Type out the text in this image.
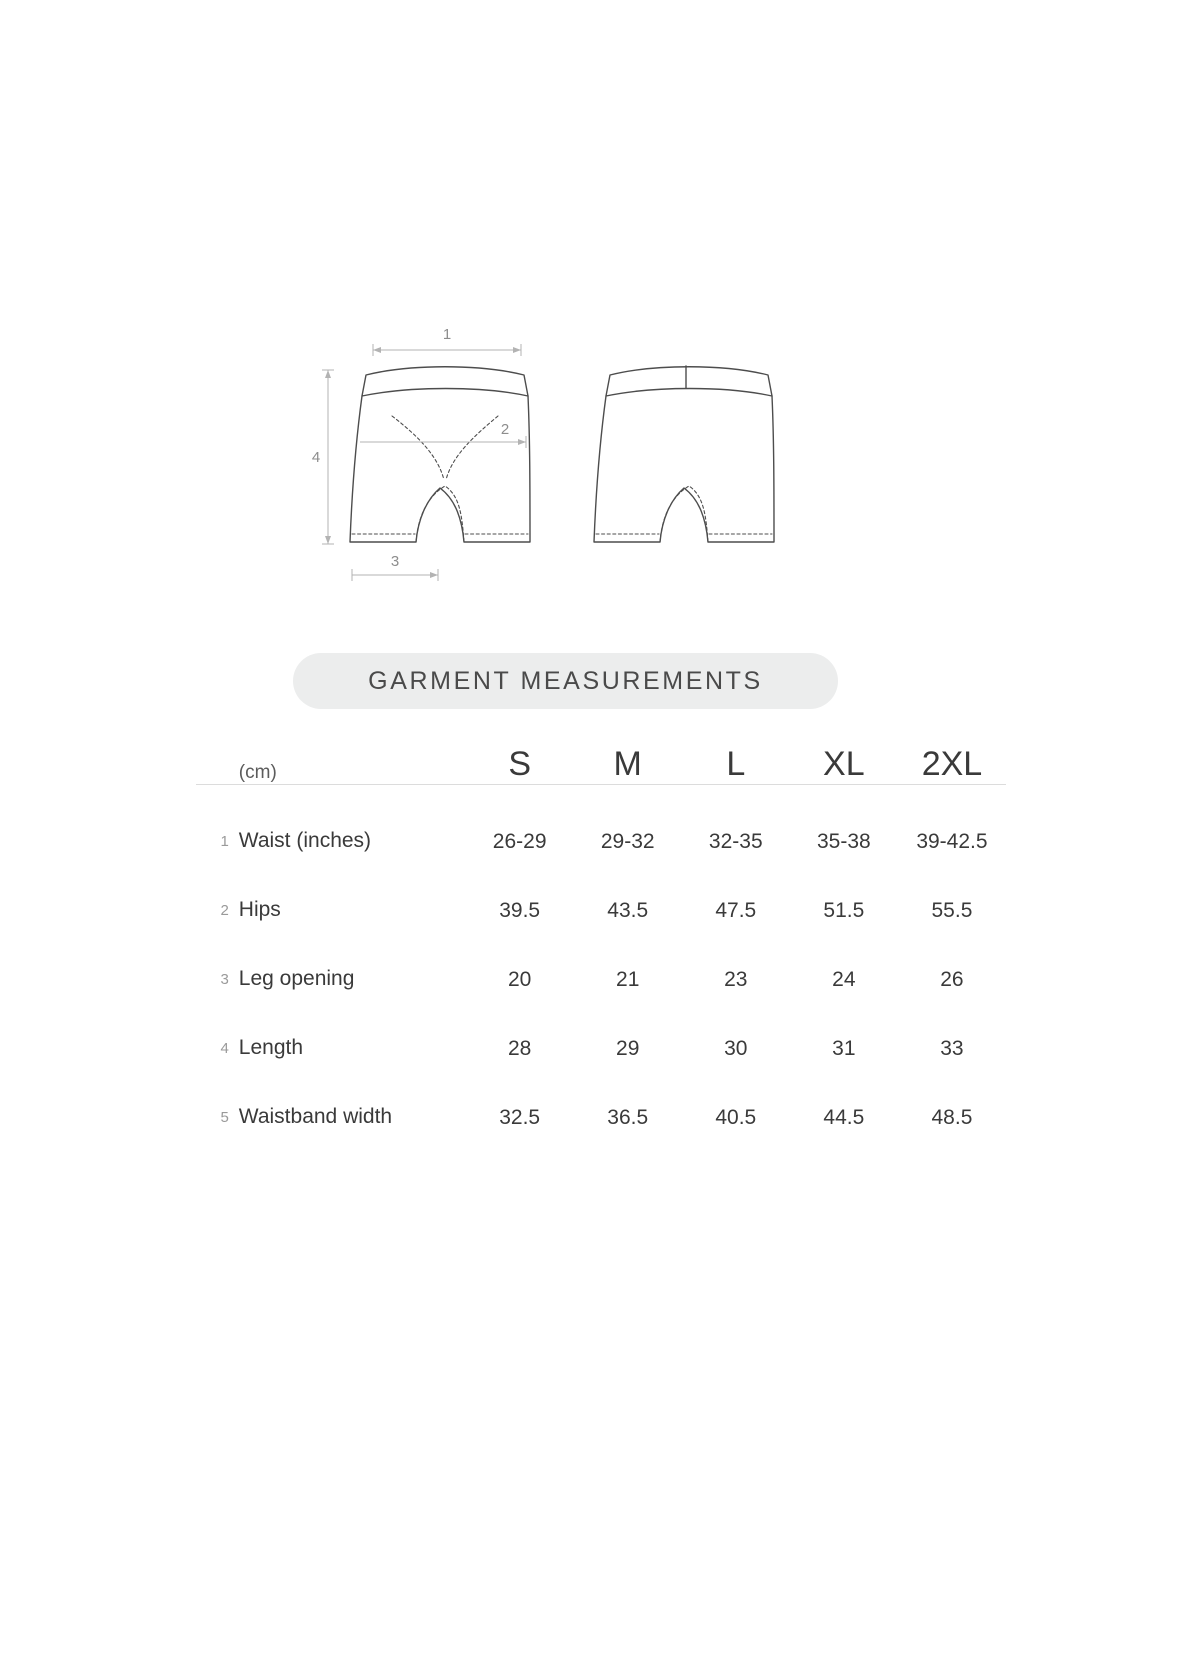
1
2
3
4
GARMENT MEASUREMENTS
	(cm)	S	M	L	XL	2XL
1	Waist (inches)	26-29	29-32	32-35	35-38	39-42.5
2	Hips	39.5	43.5	47.5	51.5	55.5
3	Leg opening	20	21	23	24	26
4	Length	28	29	30	31	33
5	Waistband width	32.5	36.5	40.5	44.5	48.5
